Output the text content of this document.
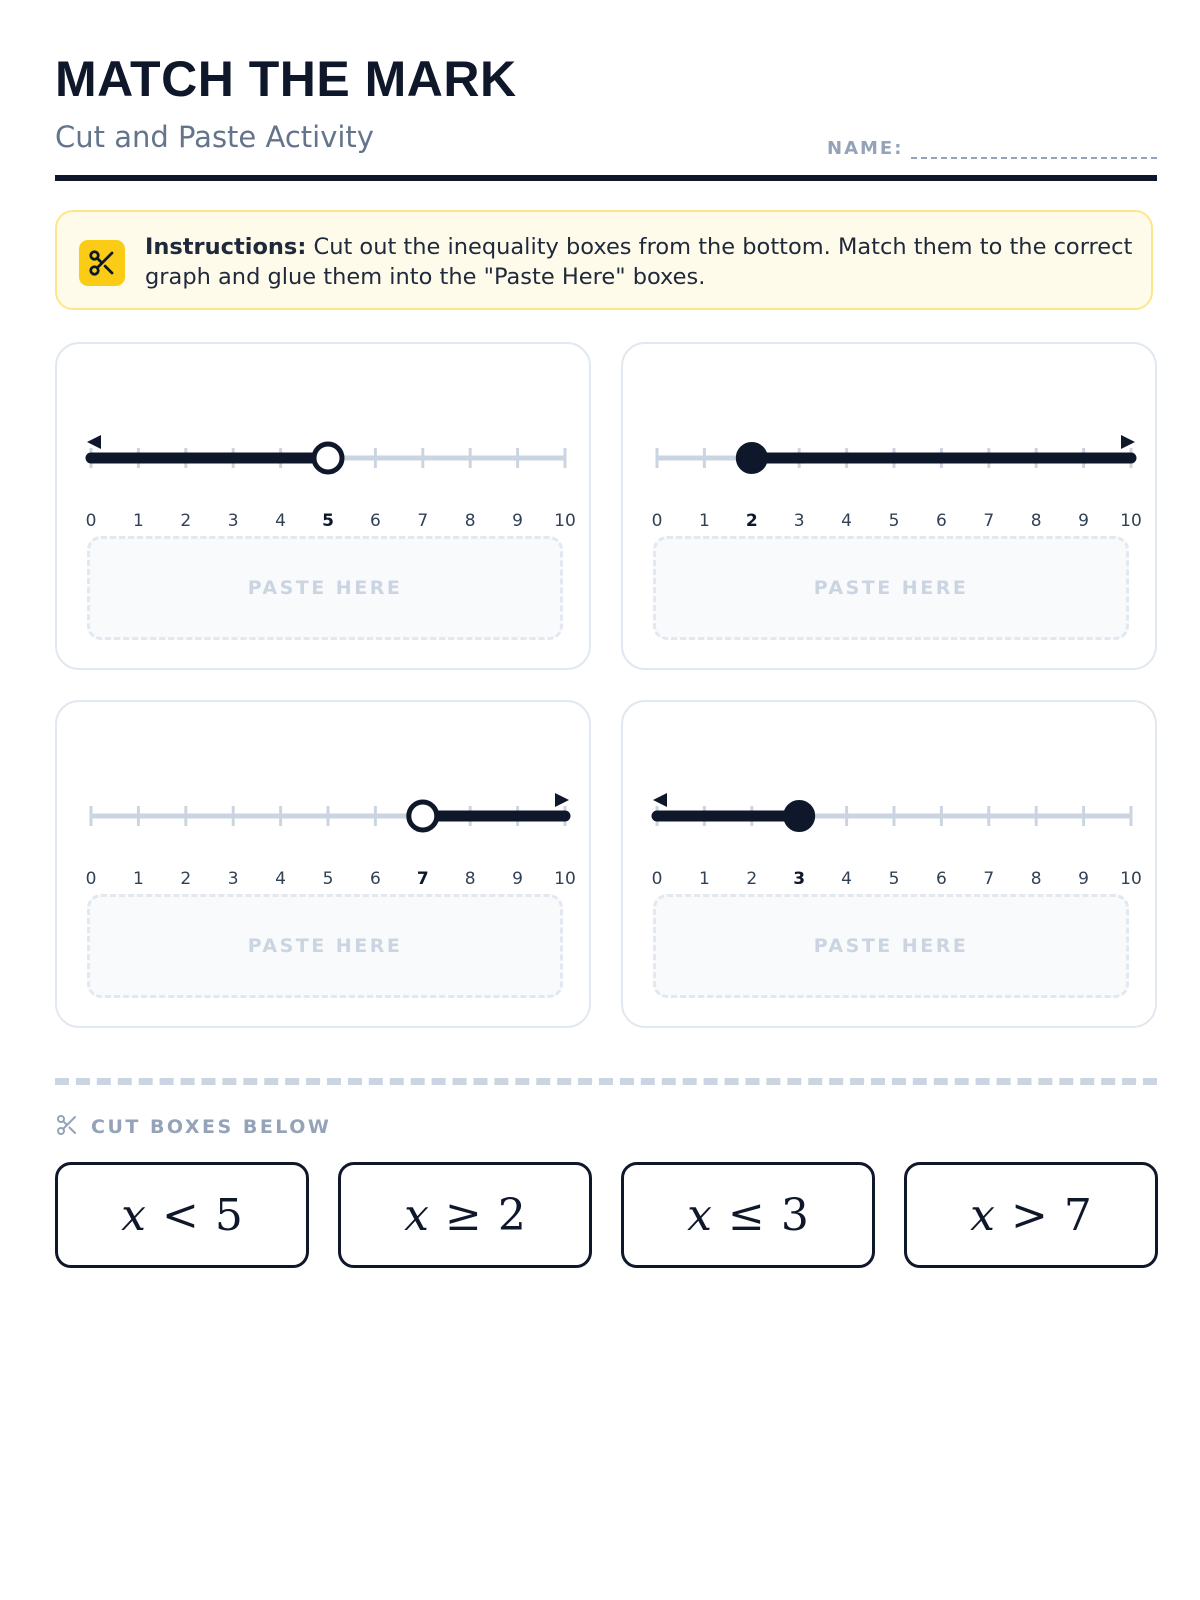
MATCH THE MARK
Cut and Paste Activity	NAME:
Instructions: Cut out the inequality boxes from the bottom. Match them to the correct graph and glue them into the "Paste Here" boxes.
0 1 2 3 4 5 6 7 8 9 10
PASTE HERE
0 1 2 3 4 5 6 7 8 9 10
PASTE HERE
0 1 2 3 4 5 6 7 8 9 10
PASTE HERE
0 1 2 3 4 5 6 7 8 9 10
PASTE HERE
CUT BOXES BELOW
x < 5	x ≥ 2	x ≤ 3	x > 7
